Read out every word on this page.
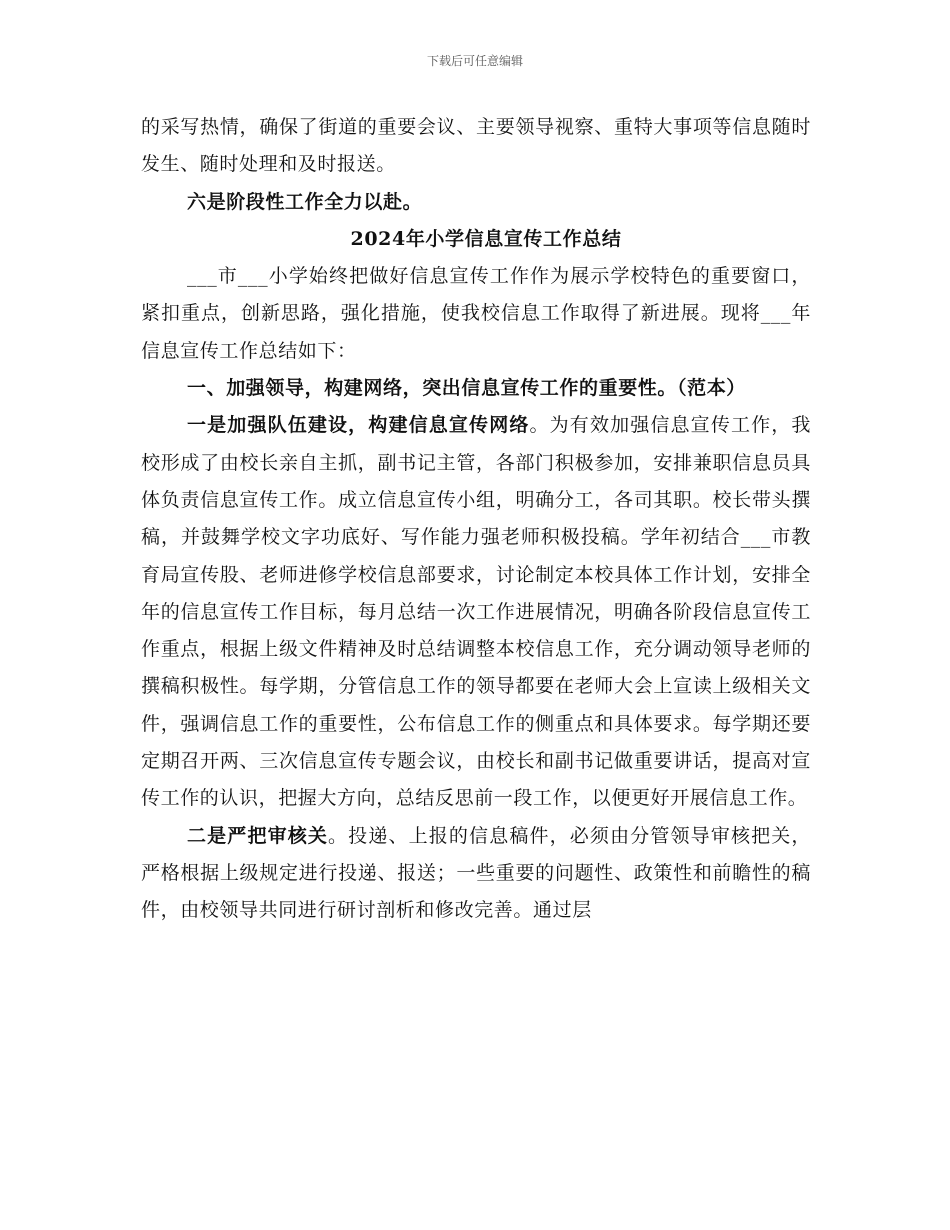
下载后可任意编辑

的采写热情，确保了街道的重要会议、主要领导视察、重特大事项等信息随时发生、随时处理和及时报送。

六是阶段性工作全力以赴。

2024年小学信息宣传工作总结

___市___小学始终把做好信息宣传工作作为展示学校特色的重要窗口，紧扣重点，创新思路，强化措施，使我校信息工作取得了新进展。现将___年信息宣传工作总结如下：

一、加强领导，构建网络，突出信息宣传工作的重要性。（范本）

一是加强队伍建设，构建信息宣传网络。为有效加强信息宣传工作，我校形成了由校长亲自主抓，副书记主管，各部门积极参加，安排兼职信息员具体负责信息宣传工作。成立信息宣传小组，明确分工，各司其职。校长带头撰稿，并鼓舞学校文字功底好、写作能力强老师积极投稿。学年初结合___市教育局宣传股、老师进修学校信息部要求，讨论制定本校具体工作计划，安排全年的信息宣传工作目标，每月总结一次工作进展情况，明确各阶段信息宣传工作重点，根据上级文件精神及时总结调整本校信息工作，充分调动领导老师的撰稿积极性。每学期，分管信息工作的领导都要在老师大会上宣读上级相关文件，强调信息工作的重要性，公布信息工作的侧重点和具体要求。每学期还要定期召开两、三次信息宣传专题会议，由校长和副书记做重要讲话，提高对宣传工作的认识，把握大方向，总结反思前一段工作，以便更好开展信息工作。

二是严把审核关。投递、上报的信息稿件，必须由分管领导审核把关，严格根据上级规定进行投递、报送；一些重要的问题性、政策性和前瞻性的稿件，由校领导共同进行研讨剖析和修改完善。通过层
